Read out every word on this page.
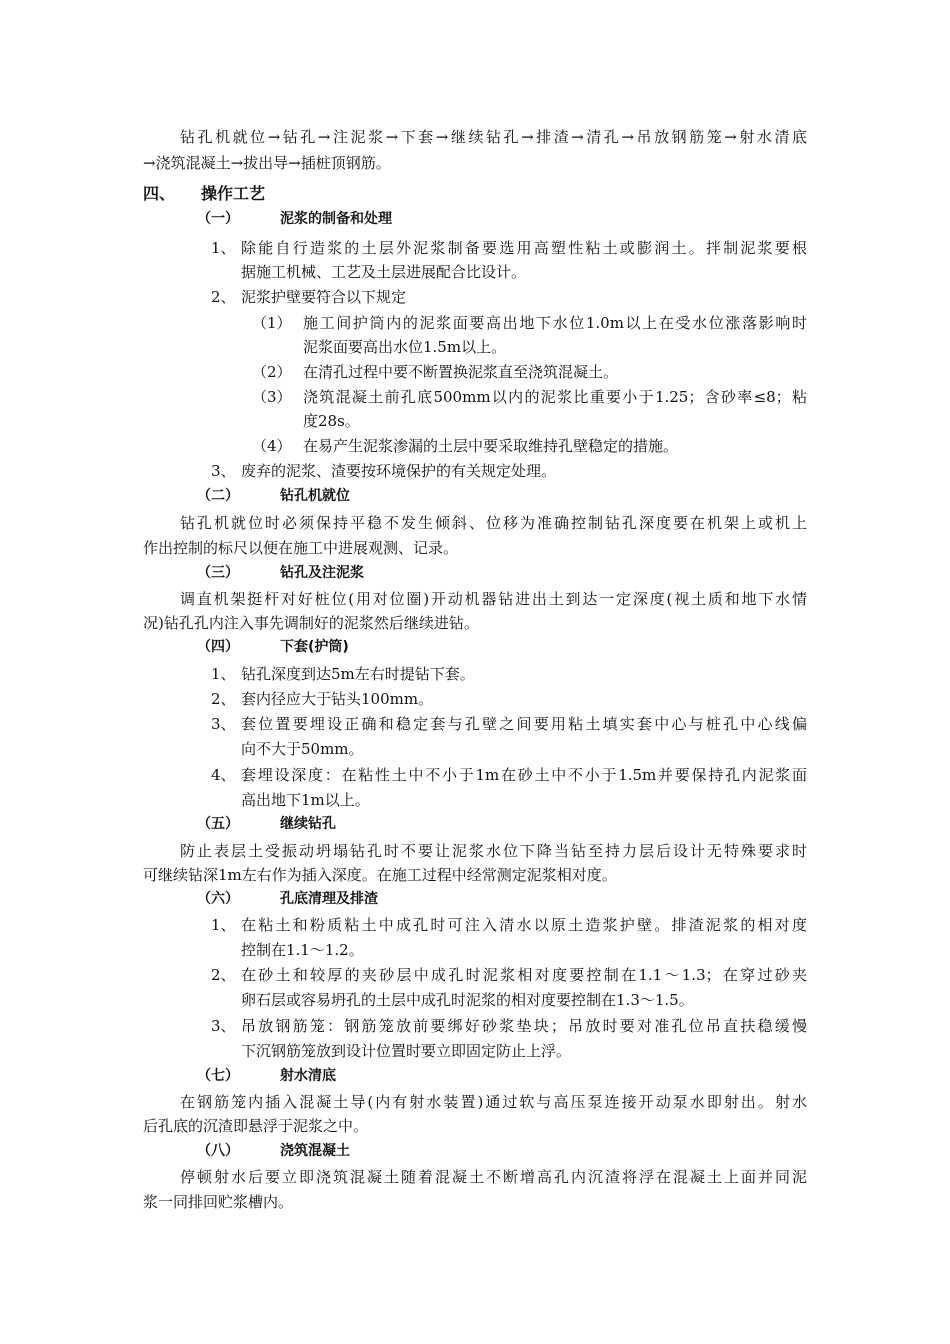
钻孔机就位→钻孔→注泥浆→下套→继续钻孔→排渣→清孔→吊放钢筋笼→射水清底
→浇筑混凝土→拔出导→插桩顶钢筋。
四、 操作工艺
（一）	泥浆的制备和处理
1、 除能自行造浆的土层外泥浆制备要选用高塑性粘土或膨润土。拌制泥浆要根
据施工机械、工艺及土层进展配合比设计。
2、 泥浆护壁要符合以下规定
（1） 施工间护筒内的泥浆面要高出地下水位1.0m以上在受水位涨落影响时
泥浆面要高出水位1.5m以上。
（2） 在清孔过程中要不断置换泥浆直至浇筑混凝土。
（3） 浇筑混凝土前孔底500mm以内的泥浆比重要小于1.25；含砂率≤8；粘
度28s。
（4） 在易产生泥浆渗漏的土层中要采取维持孔壁稳定的措施。
3、 废弃的泥浆、渣要按环境保护的有关规定处理。
（二）	钻孔机就位
钻孔机就位时必须保持平稳不发生倾斜、位移为准确控制钻孔深度要在机架上或机上
作出控制的标尺以便在施工中进展观测、记录。
（三）	钻孔及注泥浆
调直机架挺杆对好桩位(用对位圈)开动机器钻进出土到达一定深度(视土质和地下水情
况)钻孔孔内注入事先调制好的泥浆然后继续进钻。
（四）	下套(护筒)
1、 钻孔深度到达5m左右时提钻下套。
2、 套内径应大于钻头100mm。
3、 套位置要埋设正确和稳定套与孔壁之间要用粘土填实套中心与桩孔中心线偏
向不大于50mm。
4、 套埋设深度：在粘性土中不小于1m在砂土中不小于1.5m并要保持孔内泥浆面
高出地下1m以上。
（五）	继续钻孔
防止表层土受振动坍塌钻孔时不要让泥浆水位下降当钻至持力层后设计无特殊要求时
可继续钻深1m左右作为插入深度。在施工过程中经常测定泥浆相对度。
（六）	孔底清理及排渣
1、 在粘土和粉质粘土中成孔时可注入清水以原土造浆护壁。排渣泥浆的相对度
控制在1.1～1.2。
2、 在砂土和较厚的夹砂层中成孔时泥浆相对度要控制在1.1～1.3；在穿过砂夹
卵石层或容易坍孔的土层中成孔时泥浆的相对度要控制在1.3～1.5。
3、 吊放钢筋笼：钢筋笼放前要绑好砂浆垫块；吊放时要对准孔位吊直扶稳缓慢
下沉钢筋笼放到设计位置时要立即固定防止上浮。
（七）	射水清底
在钢筋笼内插入混凝土导(内有射水装置)通过软与高压泵连接开动泵水即射出。射水
后孔底的沉渣即悬浮于泥浆之中。
（八）	浇筑混凝土
停顿射水后要立即浇筑混凝土随着混凝土不断增高孔内沉渣将浮在混凝土上面并同泥
浆一同排回贮浆槽内。
